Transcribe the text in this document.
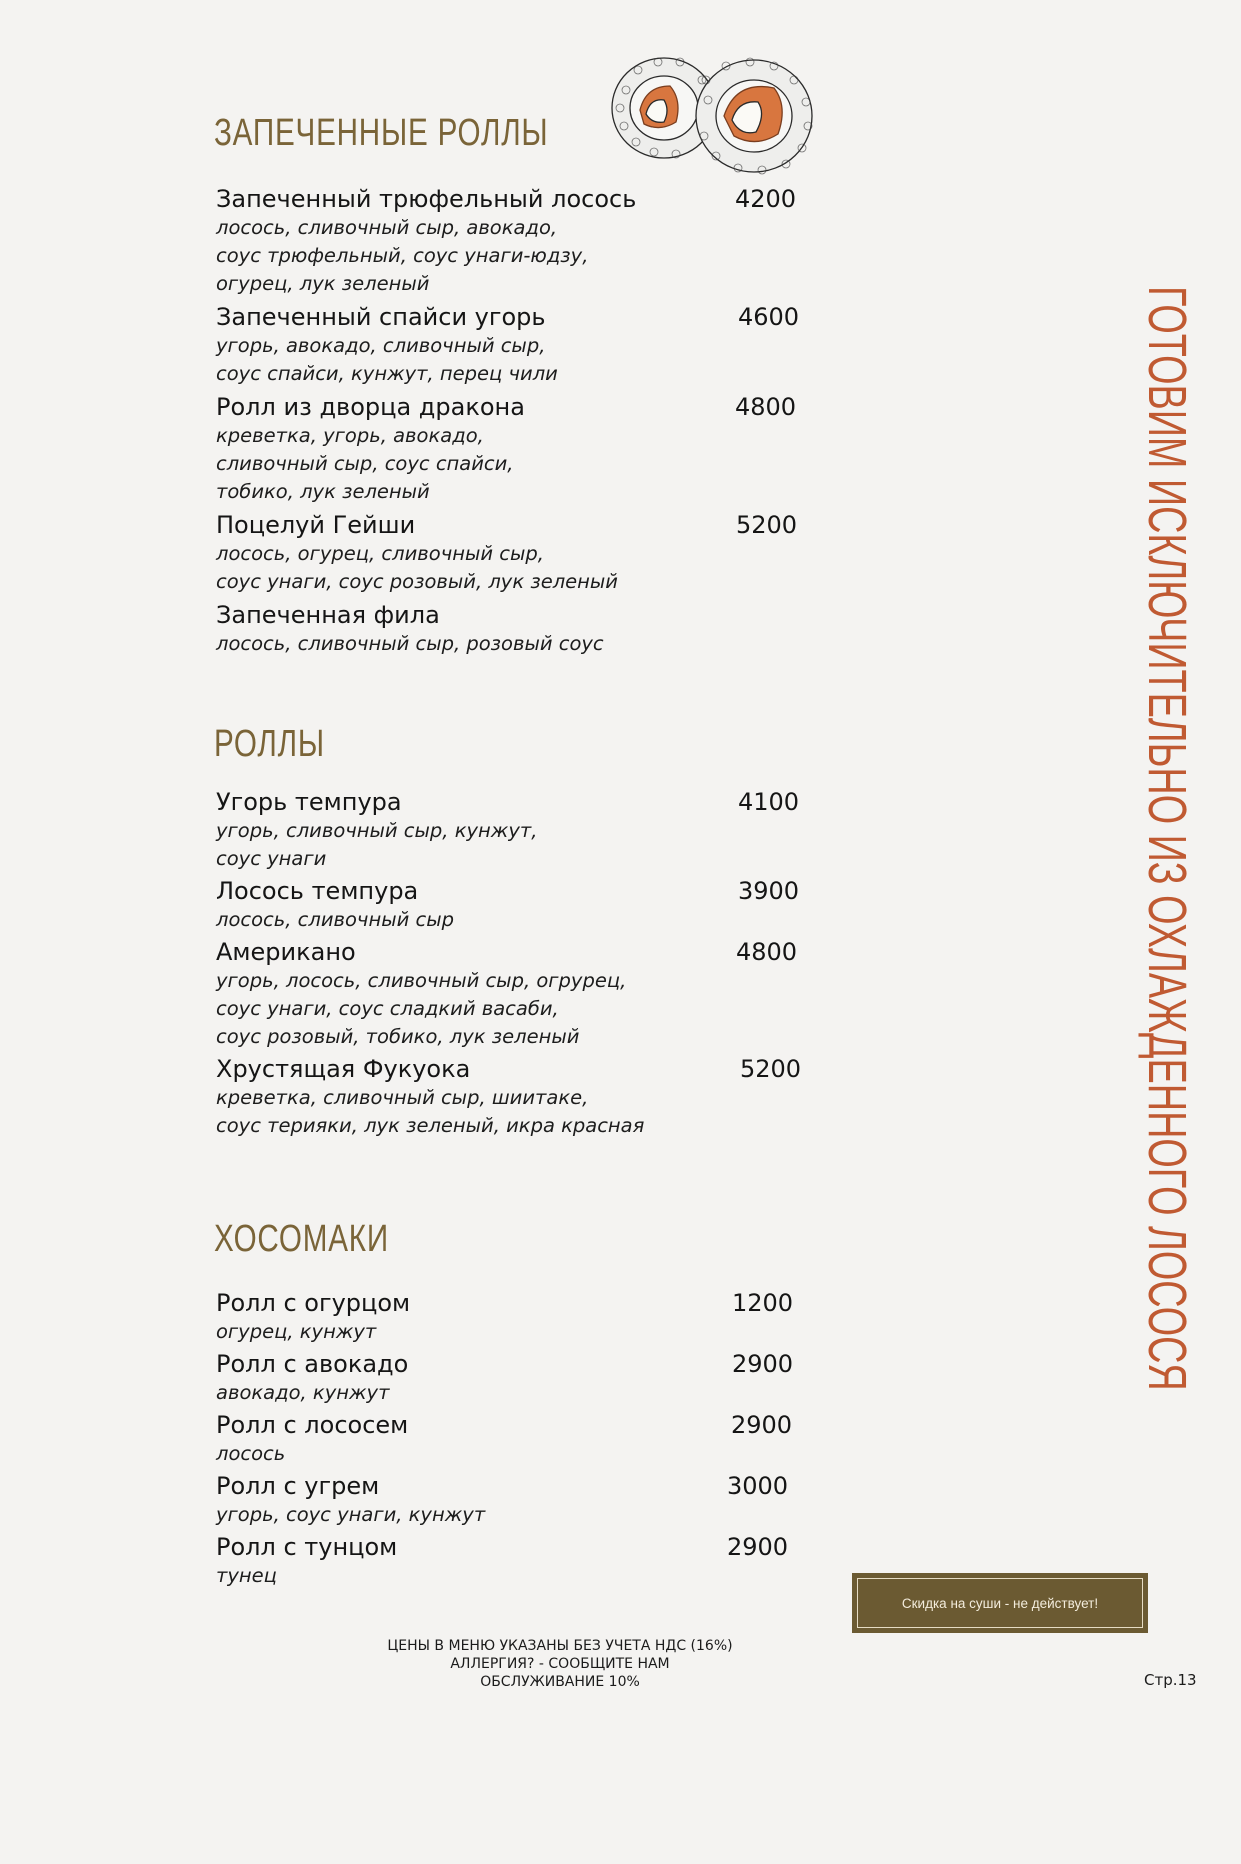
ЗАПЕЧЕННЫЕ РОЛЛЫ
Запеченный трюфельный лосось	4200
лосось, сливочный сыр, авокадо,
соус трюфельный, соус унаги-юдзу,
огурец, лук зеленый
Запеченный спайси угорь	4600
угорь, авокадо, сливочный сыр,
соус спайси, кунжут, перец чили
Ролл из дворца дракона	4800
креветка, угорь, авокадо,
сливочный сыр, соус спайси,
тобико, лук зеленый
Поцелуй Гейши	5200
лосось, огурец, сливочный сыр,
соус унаги, соус розовый, лук зеленый
Запеченная фила
лосось, сливочный сыр, розовый соус
РОЛЛЫ
Угорь темпура	4100
угорь, сливочный сыр, кунжут,
соус унаги
Лосось темпура	3900
лосось, сливочный сыр
Американо	4800
угорь, лосось, сливочный сыр, огрурец,
соус унаги, соус сладкий васаби,
соус розовый, тобико, лук зеленый
Хрустящая Фукуока	5200
креветка, сливочный сыр, шиитаке,
соус терияки, лук зеленый, икра красная
ХОСОМАКИ
Ролл с огурцом	1200
огурец, кунжут
Ролл с авокадо	2900
авокадо, кунжут
Ролл с лососем	2900
лосось
Ролл с угрем	3000
угорь, соус унаги, кунжут
Ролл с тунцом	2900
тунец
ГОТОВИМ ИСКЛЮЧИТЕЛЬНО ИЗ ОХЛАЖДЕННОГО ЛОСОСЯ
Скидка на суши - не действует!
ЦЕНЫ В МЕНЮ УКАЗАНЫ БЕЗ УЧЕТА НДС (16%)
АЛЛЕРГИЯ? - СООБЩИТЕ НАМ
ОБСЛУЖИВАНИЕ 10%	Стр.13
